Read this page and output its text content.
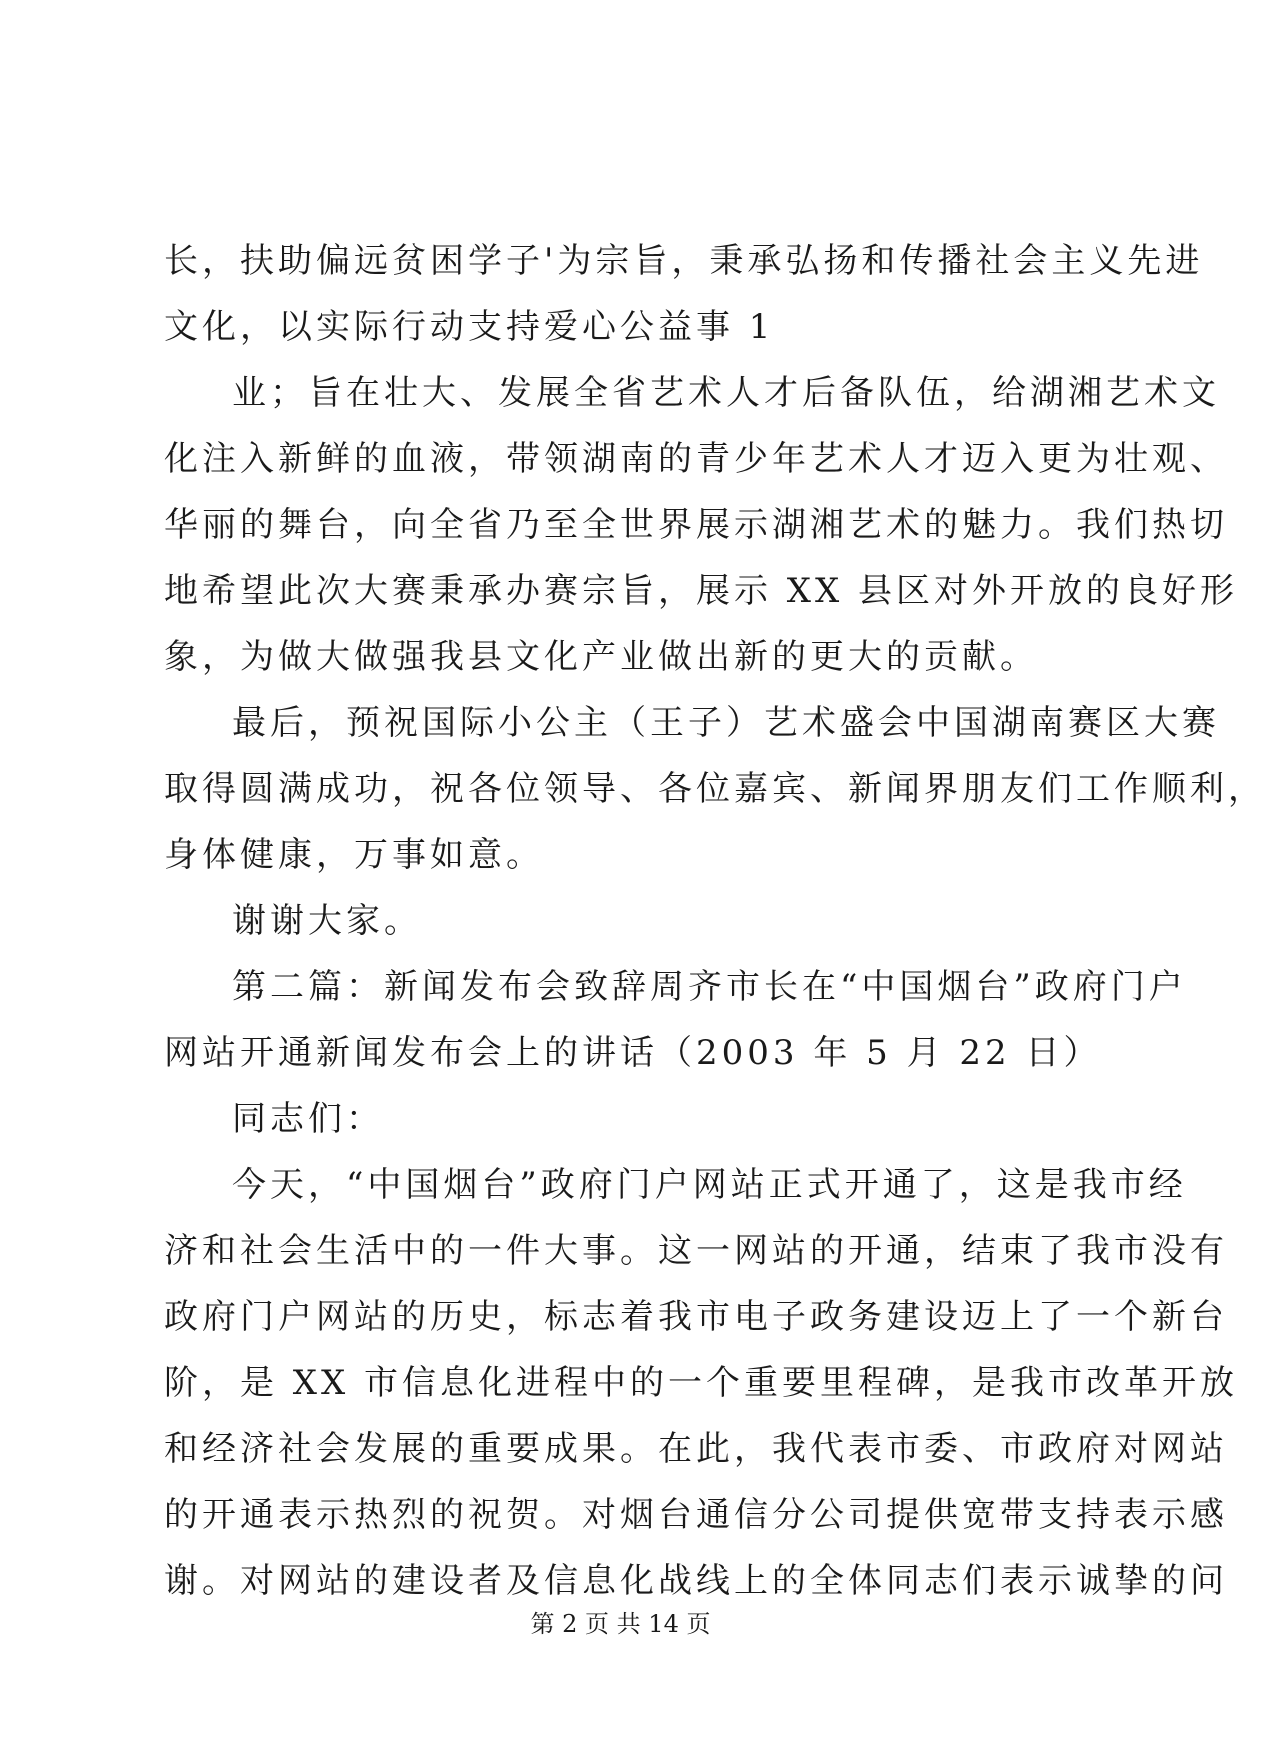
长，扶助偏远贫困学子'为宗旨，秉承弘扬和传播社会主义先进
文化，以实际行动支持爱心公益事 1
业；旨在壮大、发展全省艺术人才后备队伍，给湖湘艺术文
化注入新鲜的血液，带领湖南的青少年艺术人才迈入更为壮观、
华丽的舞台，向全省乃至全世界展示湖湘艺术的魅力。我们热切
地希望此次大赛秉承办赛宗旨，展示 XX 县区对外开放的良好形
象，为做大做强我县文化产业做出新的更大的贡献。
最后，预祝国际小公主（王子）艺术盛会中国湖南赛区大赛
取得圆满成功，祝各位领导、各位嘉宾、新闻界朋友们工作顺利，
身体健康，万事如意。
谢谢大家。
第二篇：新闻发布会致辞周齐市长在“中国烟台”政府门户
网站开通新闻发布会上的讲话（2003 年 5 月 22 日）
同志们：
今天，“中国烟台”政府门户网站正式开通了，这是我市经
济和社会生活中的一件大事。这一网站的开通，结束了我市没有
政府门户网站的历史，标志着我市电子政务建设迈上了一个新台
阶，是 XX 市信息化进程中的一个重要里程碑，是我市改革开放
和经济社会发展的重要成果。在此，我代表市委、市政府对网站
的开通表示热烈的祝贺。对烟台通信分公司提供宽带支持表示感
谢。对网站的建设者及信息化战线上的全体同志们表示诚挚的问
第 2 页 共 14 页
